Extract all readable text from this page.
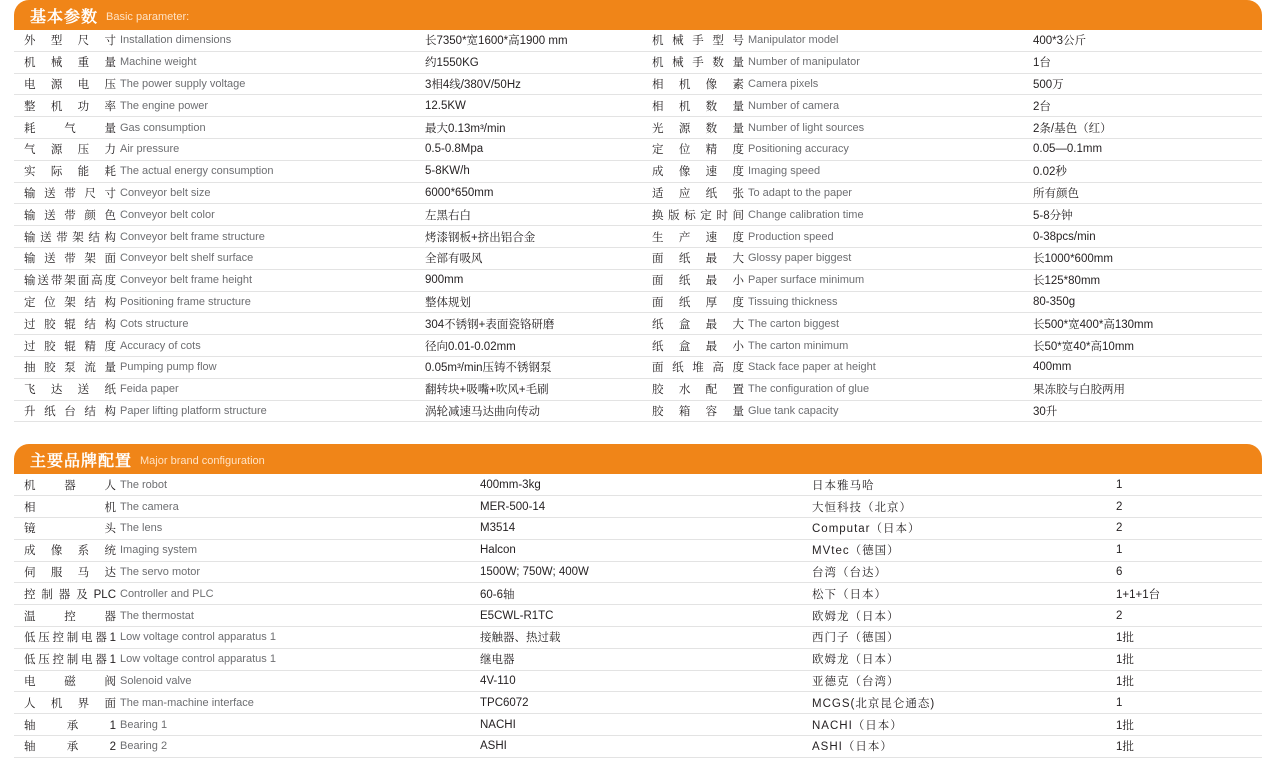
基本参数 Basic parameter:
外型尺寸 Installation dimensions	长7350*宽1600*高1900 mm
机械重量 Machine weight	约1550KG
电源电压 The power supply voltage	3相4线/380V/50Hz
整机功率 The engine power	12.5KW
耗气量 Gas consumption	最大0.13m³/min
气源压力 Air pressure	0.5-0.8Mpa
实际能耗 The actual energy consumption	5-8KW/h
输送带尺寸 Conveyor belt size	6000*650mm
输送带颜色 Conveyor belt color	左黑右白
输送带架结构 Conveyor belt frame structure	烤漆钢板+挤出铝合金
输送带架面 Conveyor belt shelf surface	全部有吸风
输送带架面高度 Conveyor belt frame height	900mm
定位架结构 Positioning frame structure	整体规划
过胶辊结构 Cots structure	304不锈钢+表面瓷铬研磨
过胶辊精度 Accuracy of cots	径向0.01-0.02mm
抽胶泵流量 Pumping pump flow	0.05m³/min压铸不锈钢泵
飞达送纸 Feida paper	翻转块+吸嘴+吹风+毛刷
升纸台结构 Paper lifting platform structure	涡轮减速马达曲向传动
机械手型号 Manipulator model	400*3公斤
机械手数量 Number of manipulator	1台
相机像素 Camera pixels	500万
相机数量 Number of camera	2台
光源数量 Number of light sources	2条/基色（红）
定位精度 Positioning accuracy	0.05—0.1mm
成像速度 Imaging speed	0.02秒
适应纸张 To adapt to the paper	所有颜色
换版标定时间 Change calibration time	5-8分钟
生产速度 Production speed	0-38pcs/min
面纸最大 Glossy paper biggest	长1000*600mm
面纸最小 Paper surface minimum	长125*80mm
面纸厚度 Tissuing thickness	80-350g
纸盒最大 The carton biggest	长500*宽400*高130mm
纸盒最小 The carton minimum	长50*宽40*高10mm
面纸堆高度 Stack face paper at height	400mm
胶水配置 The configuration of glue	果冻胶与白胶两用
胶箱容量 Glue tank capacity	30升
主要品牌配置 Major brand configuration
机器人 The robot	400mm-3kg	日本雅马哈	1
相机 The camera	MER-500-14	大恒科技（北京）	2
镜头 The lens	M3514	Computar（日本）	2
成像系统 Imaging system	Halcon	MVtec（德国）	1
伺服马达 The servo motor	1500W; 750W; 400W	台湾（台达）	6
控制器及PLC Controller and PLC	60-6轴	松下（日本）	1+1+1台
温控器 The thermostat	E5CWL-R1TC	欧姆龙（日本）	2
低压控制电器1 Low voltage control apparatus 1	接触器、热过载	西门子（德国）	1批
低压控制电器1 Low voltage control apparatus 1	继电器	欧姆龙（日本）	1批
电磁阀 Solenoid valve	4V-110	亚德克（台湾）	1批
人机界面 The man-machine interface	TPC6072	MCGS(北京昆仑通态)	1
轴承1 Bearing 1	NACHI	NACHI（日本）	1批
轴承2 Bearing 2	ASHI	ASHI（日本）	1批
